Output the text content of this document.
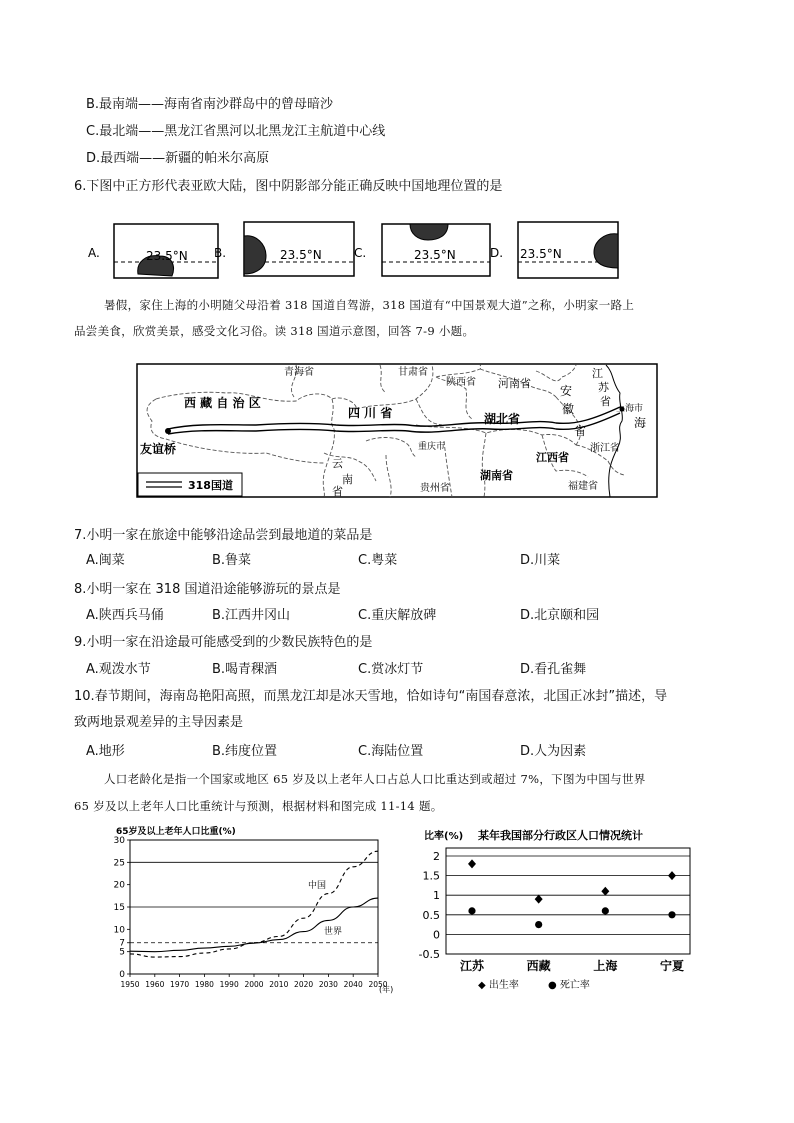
B.最南端——海南省南沙群岛中的曾母暗沙
C.最北端——黑龙江省黑河以北黑龙江主航道中心线
D.最西端——新疆的帕米尔高原
6.下图中正方形代表亚欧大陆，图中阴影部分能正确反映中国地理位置的是
A.	23.5°N B.	23.5°N	C.	23.5°N	D. 23.5°N
暑假，家住上海的小明随父母沿着 318 国道自驾游，318 国道有“中国景观大道”之称，小明家一路上
品尝美食，欣赏美景，感受文化习俗。读 318 国道示意图，回答 7-9 小题。
青海省	甘肃省
陕西省 河南省
江
苏
省
安
徽
省
西 藏 自 治 区
四 川 省	湖北省
上海市
海
重庆市
江西省
浙江省
云
南
省	贵州省
湖南省
福建省
友谊桥
318国道
7.小明一家在旅途中能够沿途品尝到最地道的菜品是
A.闽菜	B.鲁菜	C.粤菜	D.川菜
8.小明一家在 318 国道沿途能够游玩的景点是
A.陕西兵马俑	B.江西井冈山	C.重庆解放碑	D.北京颐和园
9.小明一家在沿途最可能感受到的少数民族特色的是
A.观泼水节	B.喝青稞酒	C.赏冰灯节	D.看孔雀舞
10.春节期间，海南岛艳阳高照，而黑龙江却是冰天雪地，恰如诗句“南国春意浓，北国正冰封”描述，导
致两地景观差异的主导因素是
A.地形	B.纬度位置	C.海陆位置	D.人为因素
人口老龄化是指一个国家或地区 65 岁及以上老年人口占总人口比重达到或超过 7%，下图为中国与世界
65 岁及以上老年人口比重统计与预测，根据材料和图完成 11-14 题。
65岁及以上老年人口比重(%)
0
5
7
10
15
20
25
30
1950 1960 1970 1980 1990 2000 2010 2020 2030 2040 2050
中国
世界
(年)
比率(%) 某年我国部分行政区人口情况统计
2
1.5
1
0.5
0
-0.5
江苏	西藏	上海	宁夏
◆ 出生率	● 死亡率
